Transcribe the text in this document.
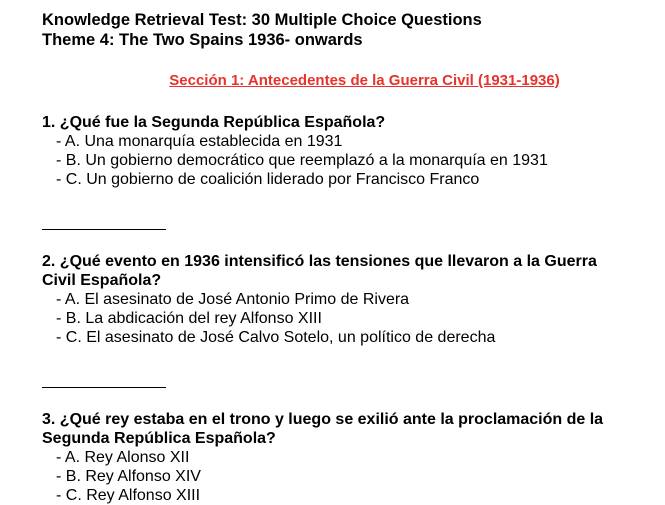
Knowledge Retrieval Test: 30 Multiple Choice Questions
Theme 4: The Two Spains 1936- onwards
Sección 1: Antecedentes de la Guerra Civil (1931-1936)
1. ¿Qué fue la Segunda República Española?
- A. Una monarquía establecida en 1931
- B. Un gobierno democrático que reemplazó a la monarquía en 1931
- C. Un gobierno de coalición liderado por Francisco Franco
2. ¿Qué evento en 1936 intensificó las tensiones que llevaron a la Guerra Civil Española?
- A. El asesinato de José Antonio Primo de Rivera
- B. La abdicación del rey Alfonso XIII
- C. El asesinato de José Calvo Sotelo, un político de derecha
3. ¿Qué rey estaba en el trono y luego se exilió ante la proclamación de la Segunda República Española?
- A. Rey Alonso XII
- B. Rey Alfonso XIV
- C. Rey Alfonso XIII
